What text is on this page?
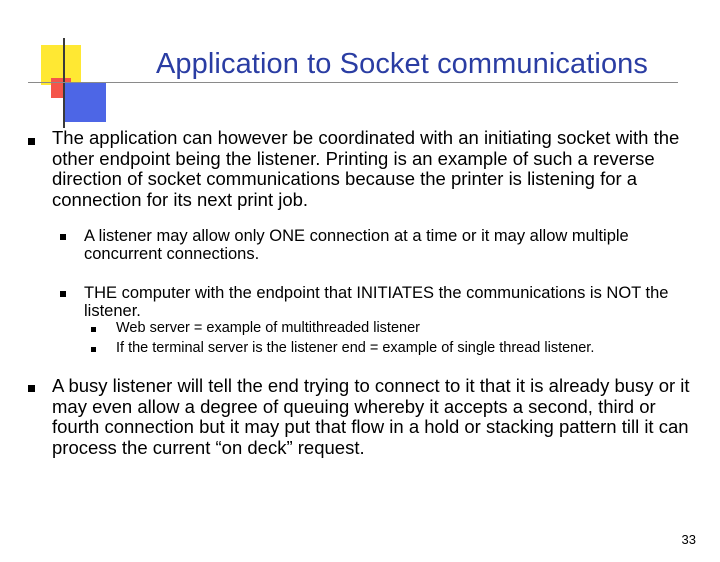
Application to Socket communications
The application can however be coordinated with an initiating socket with the other endpoint being the listener. Printing is an example of such a reverse direction of socket communications because the printer is listening for a connection for its next print job.
A listener may allow only ONE connection at a time or it may allow multiple concurrent connections.
THE computer with the endpoint that INITIATES the communications is NOT the listener.
Web server = example of multithreaded listener
If the terminal server is the listener end = example of single thread listener.
A busy listener will tell the end trying to connect to it that it is already busy or it may even allow a degree of queuing whereby it accepts a second, third or fourth connection but it may put that flow in a hold or stacking pattern till it can process the current “on deck” request.
33
